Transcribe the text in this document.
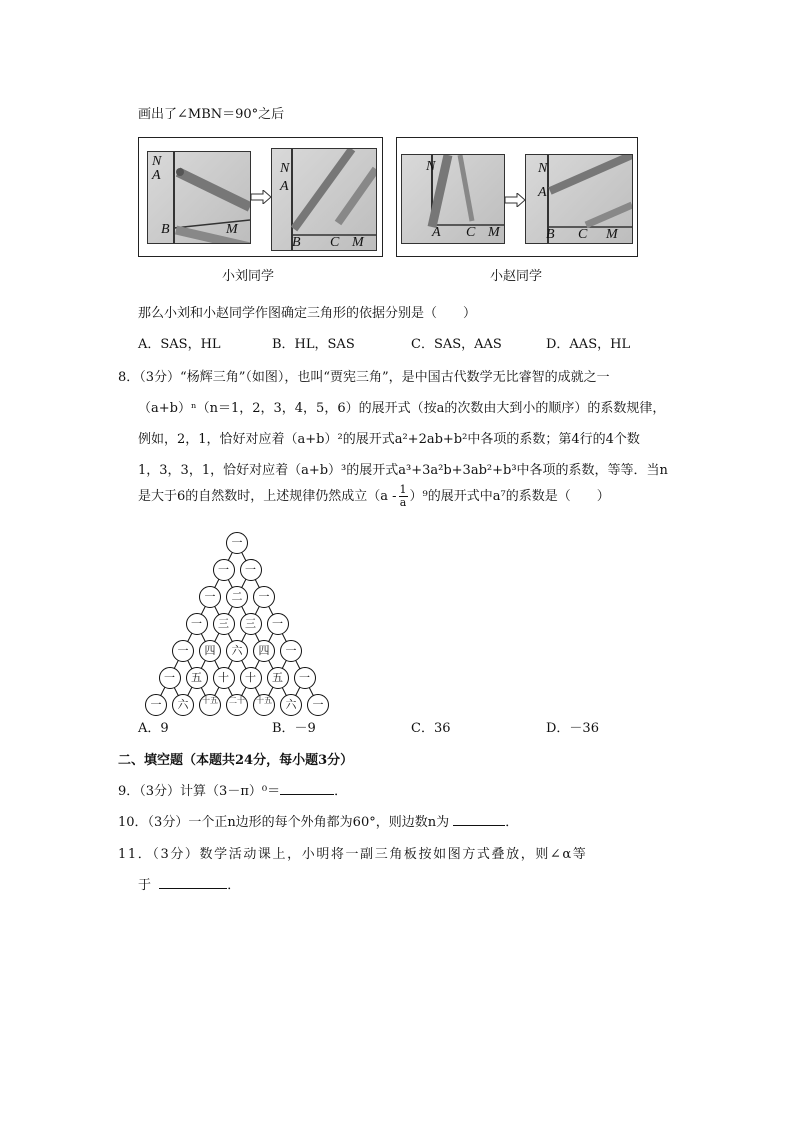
画出了∠MBN＝90°之后
N
A
B	M
N
A
B C M
N
A C M
N
A
B C M
小刘同学	小赵同学
那么小刘和小赵同学作图确定三角形的依据分别是（　　）
A．SAS，HL	B．HL，SAS	C．SAS，AAS	D．AAS，HL
8．（3分）“杨辉三角”（如图），也叫“贾宪三角”，是中国古代数学无比睿智的成就之一
（a+b）ⁿ（n＝1，2，3，4，5，6）的展开式（按a的次数由大到小的顺序）的系数规律，
例如，2，1，恰好对应着（a+b）²的展开式a²+2ab+b²中各项的系数；第4行的4个数
1，3，3，1，恰好对应着（a+b）³的展开式a³+3a²b+3ab²+b³中各项的系数，等等．当n
是大于6的自然数时，上述规律仍然成立$(a - \frac{1}{a} )^9$的展开式中a⁷的系数是（　　）
一
一	一
一	二	一
一	三	三	一
一	四	六	四	一
一	五	十	十	五	一
一	六	十五	二十	十五	六	一
A．9	B．－9	C．36	D．－36
二、填空题（本题共24分，每小题3分）
9．（3分）计算（3－π）⁰＝	．
10．（3分）一个正n边形的每个外角都为60°，则边数n为	．
11．（3分）数学活动课上，小明将一副三角板按如图方式叠放，则∠α等
于	．
